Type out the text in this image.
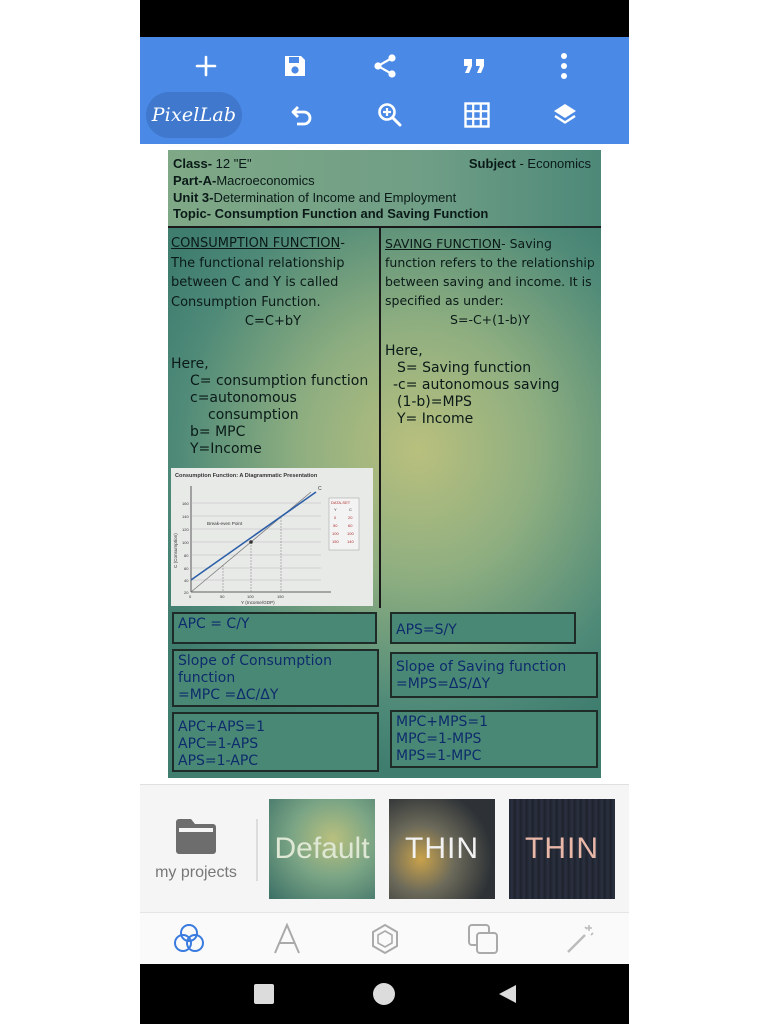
PixelLab
Class- 12 "E"	Subject - Economics
Part-A-Macroeconomics
Unit 3-Determination of Income and Employment
Topic- Consumption Function and Saving Function
CONSUMPTION FUNCTION-
The functional relationship between C and Y is called Consumption Function.
C=C+bY
Here,
C= consumption function
c=autonomous
consumption
b= MPC
Y=Income
SAVING FUNCTION- Saving function refers to the relationship between saving and income. It is specified as under:
S=-C+(1-b)Y
Here,
S= Saving function
-c= autonomous saving
(1-b)=MPS
Y= Income
Consumption Function: A Diagrammatic Presentation
Break-even Point
C
160
140
120
100
80
60
40
20
0	50	100	150
Y (Income/GDP)
C (Consumption)
DATA-SET
Y	C
0	20
50	60
100 100
150 140
APC = C/Y	APS=S/Y
Slope of Consumption
function
=MPC =ΔC/ΔY
Slope of Saving function
=MPS=ΔS/ΔY
APC+APS=1
APC=1-APS
APS=1-APC
MPC+MPS=1
MPC=1-MPS
MPS=1-MPC
my projects
Default THIN THIN
